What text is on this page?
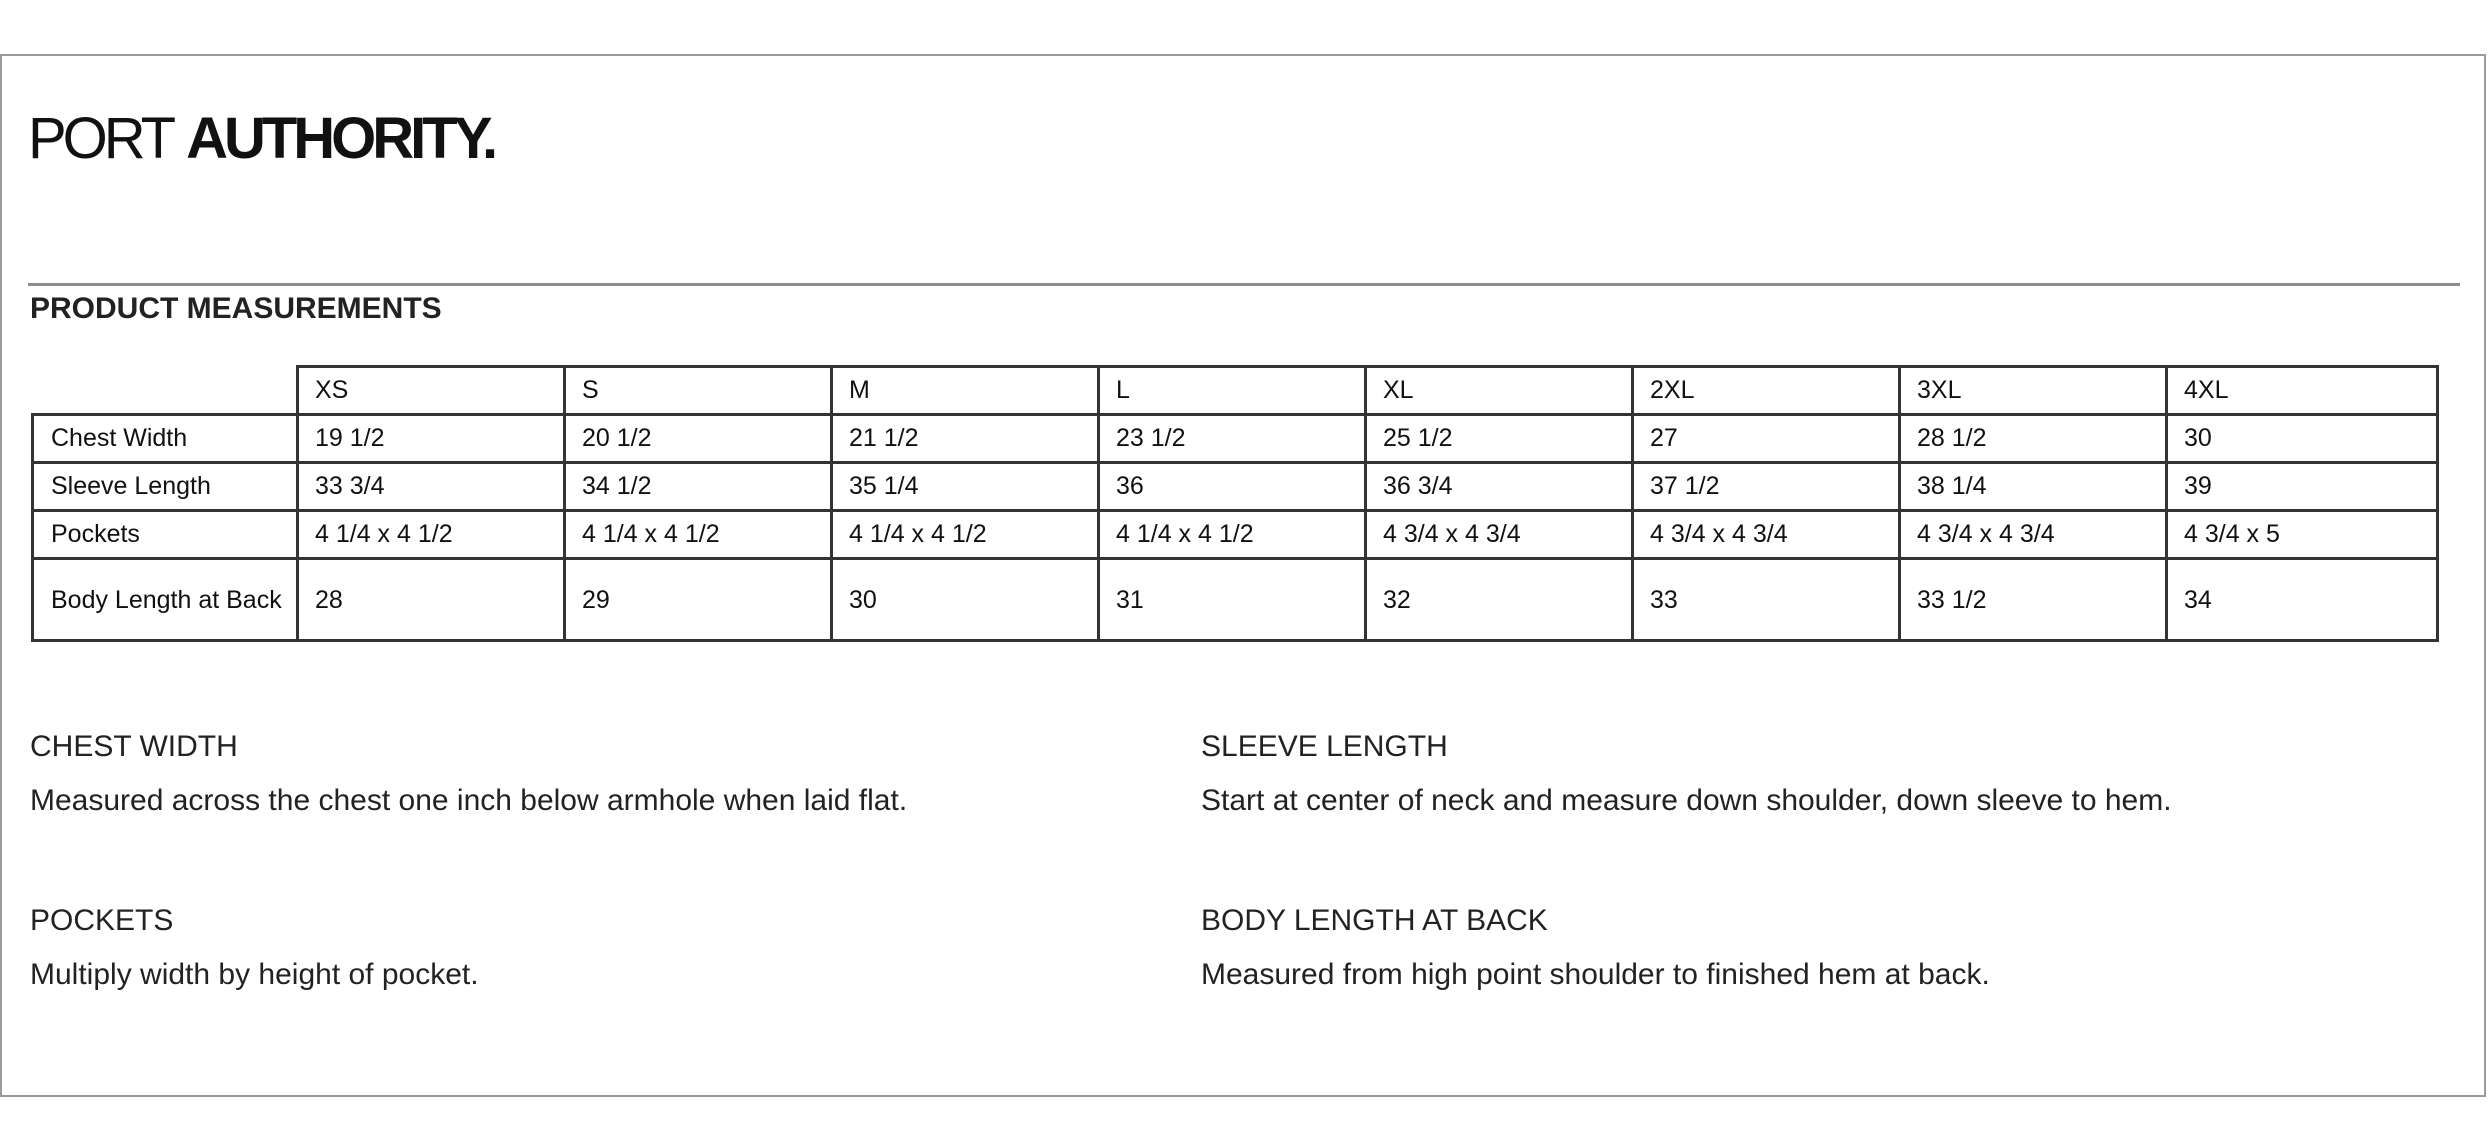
PORT AUTHORITY.
PRODUCT MEASUREMENTS
	XS	S	M	L	XL	2XL	3XL	4XL
Chest Width	19 1/2	20 1/2	21 1/2	23 1/2	25 1/2	27	28 1/2	30
Sleeve Length	33 3/4	34 1/2	35 1/4	36	36 3/4	37 1/2	38 1/4	39
Pockets	4 1/4 x 4 1/2	4 1/4 x 4 1/2	4 1/4 x 4 1/2	4 1/4 x 4 1/2	4 3/4 x 4 3/4	4 3/4 x 4 3/4	4 3/4 x 4 3/4	4 3/4 x 5
Body Length at Back	28	29	30	31	32	33	33 1/2	34
CHEST WIDTH
Measured across the chest one inch below armhole when laid flat.
SLEEVE LENGTH
Start at center of neck and measure down shoulder, down sleeve to hem.
POCKETS
Multiply width by height of pocket.
BODY LENGTH AT BACK
Measured from high point shoulder to finished hem at back.
